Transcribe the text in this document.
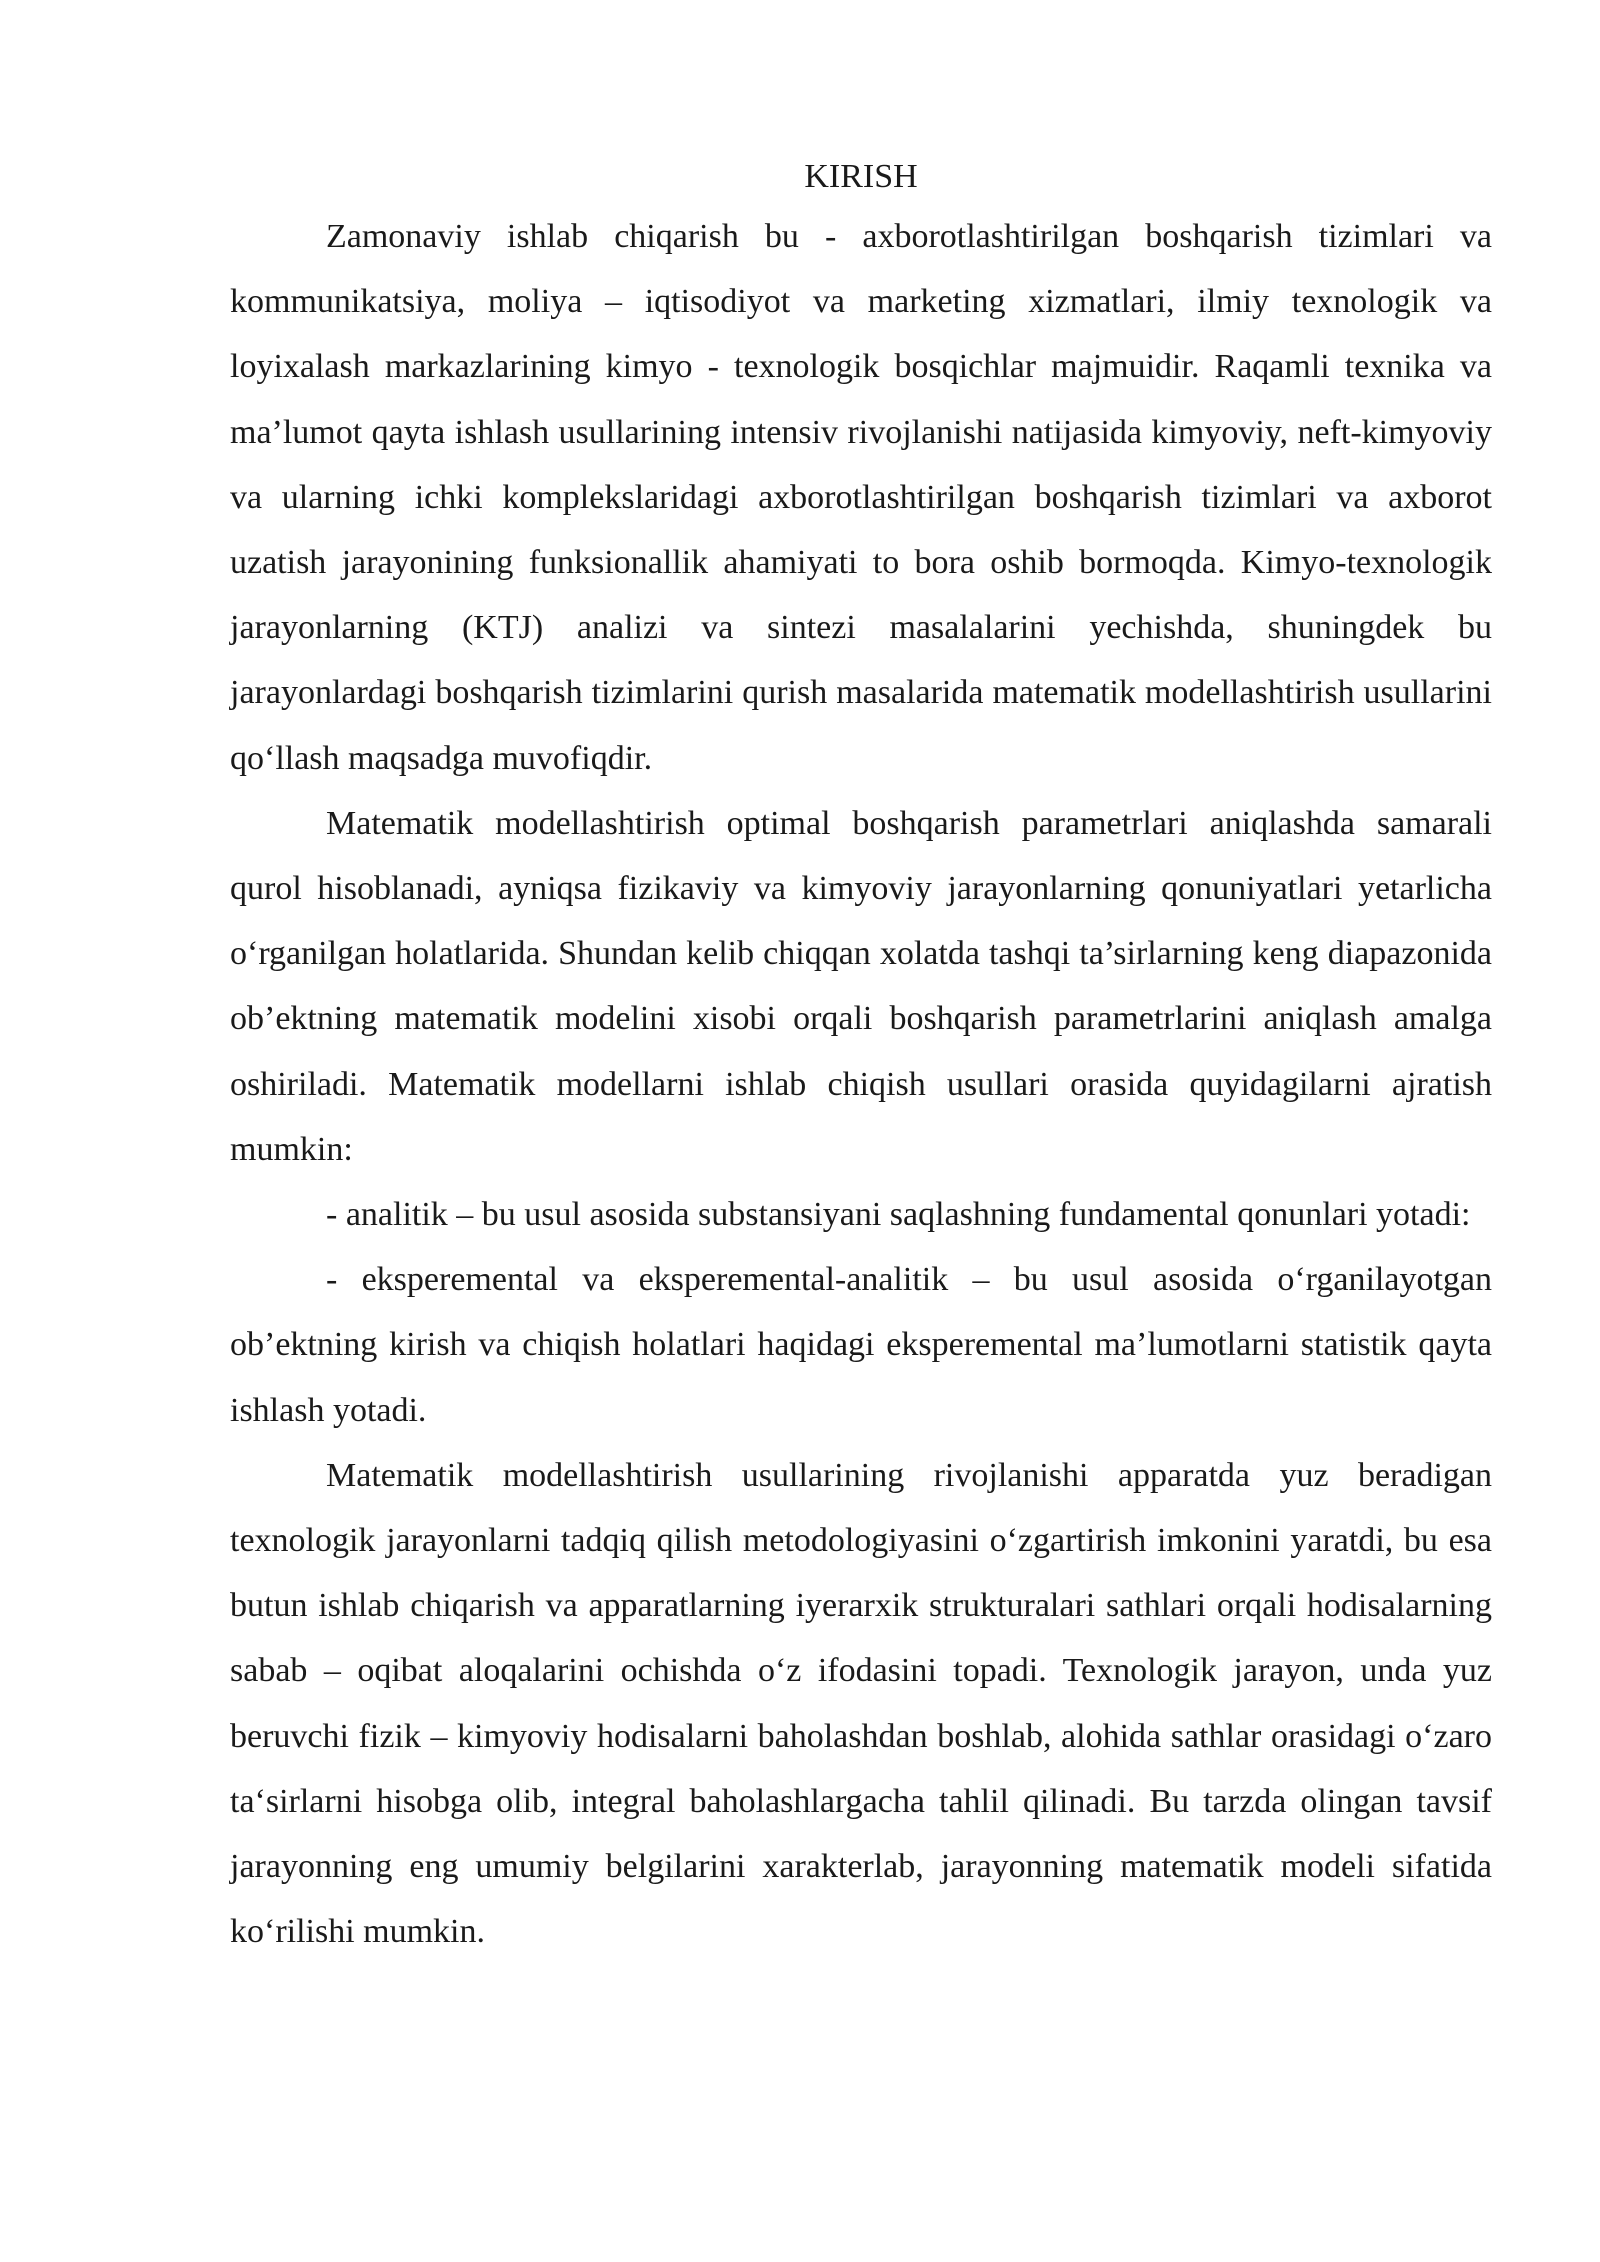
KIRISH

Zamonaviy ishlab chiqarish bu - axborotlashtirilgan boshqarish tizimlari va kommunikatsiya, moliya – iqtisodiyot va marketing xizmatlari, ilmiy texnologik va loyixalash markazlarining kimyo - texnologik bosqichlar majmuidir. Raqamli texnika va ma’lumot qayta ishlash usullarining intensiv rivojlanishi natijasida kimyoviy, neft-kimyoviy va ularning ichki komplekslaridagi axborotlashtirilgan boshqarish tizimlari va axborot uzatish jarayonining funksionallik ahamiyati to bora oshib bormoqda. Kimyo-texnologik jarayonlarning (KTJ) analizi va sintezi masalalarini yechishda, shuningdek bu jarayonlardagi boshqarish tizimlarini qurish masalarida matematik modellashtirish usullarini qo‘llash maqsadga muvofiqdir.

Matematik modellashtirish optimal boshqarish parametrlari aniqlashda samarali qurol hisoblanadi, ayniqsa fizikaviy va kimyoviy jarayonlarning qonuniyatlari yetarlicha o‘rganilgan holatlarida. Shundan kelib chiqqan xolatda tashqi ta’sirlarning keng diapazonida ob’ektning matematik modelini xisobi orqali boshqarish parametrlarini aniqlash amalga oshiriladi. Matematik modellarni ishlab chiqish usullari orasida quyidagilarni ajratish mumkin:

- analitik – bu usul asosida substansiyani saqlashning fundamental qonunlari yotadi:

- eksperemental va eksperemental-analitik – bu usul asosida o‘rganilayotgan ob’ektning kirish va chiqish holatlari haqidagi eksperemental ma’lumotlarni statistik qayta ishlash yotadi.

Matematik modellashtirish usullarining rivojlanishi apparatda yuz beradigan texnologik jarayonlarni tadqiq qilish metodologiyasini o‘zgartirish imkonini yaratdi, bu esa butun ishlab chiqarish va apparatlarning iyerarxik strukturalari sathlari orqali hodisalarning sabab – oqibat aloqalarini ochishda o‘z ifodasini topadi. Texnologik jarayon, unda yuz beruvchi fizik – kimyoviy hodisalarni baholashdan boshlab, alohida sathlar orasidagi o‘zaro ta‘sirlarni hisobga olib, integral baholashlargacha tahlil qilinadi. Bu tarzda olingan tavsif jarayonning eng umumiy belgilarini xarakterlab, jarayonning matematik modeli sifatida ko‘rilishi mumkin.
